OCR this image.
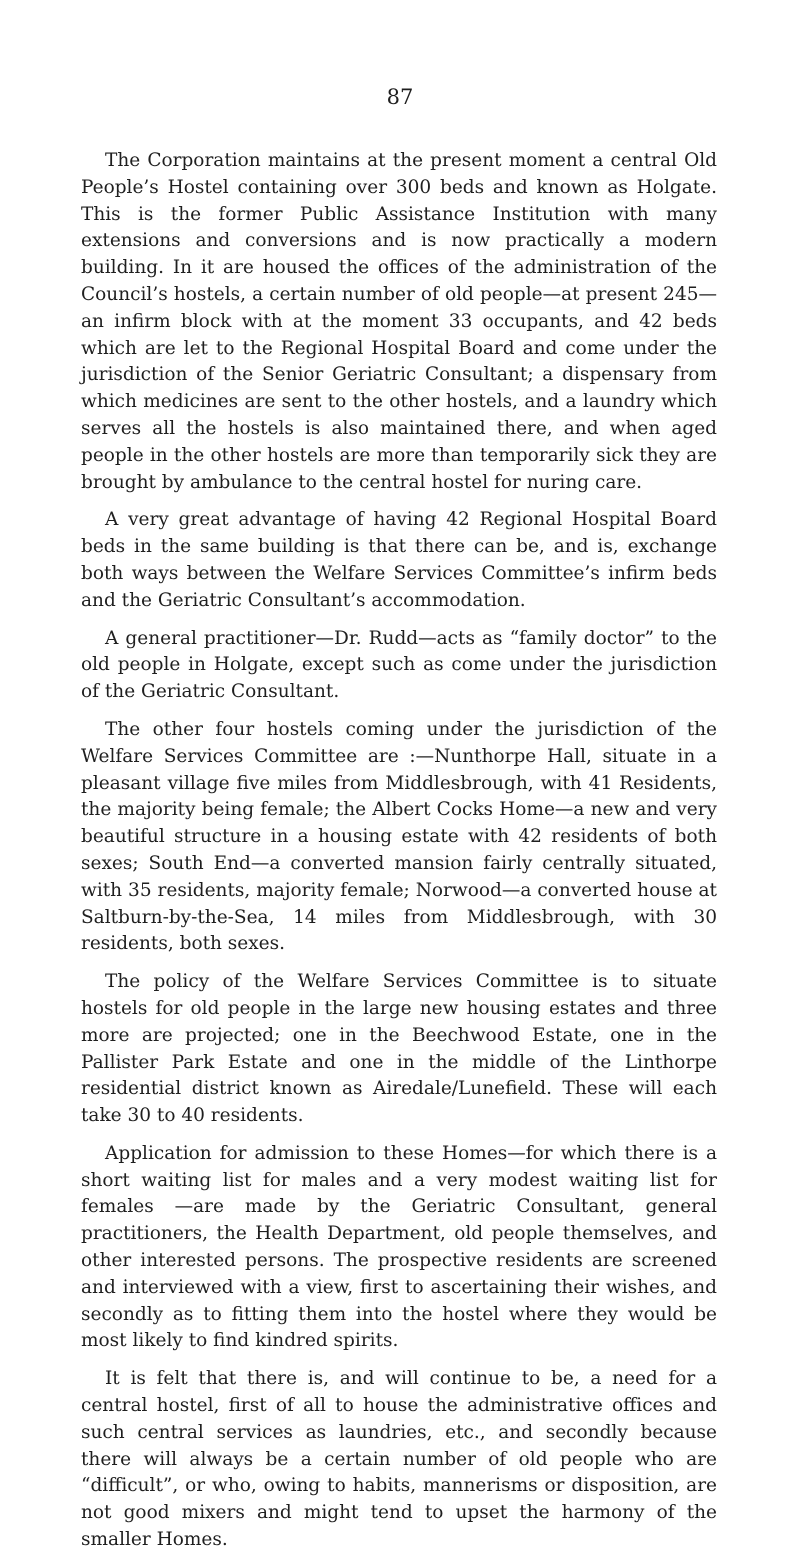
87

The Corporation maintains at the present moment a central Old People’s Hostel containing over 300 beds and known as Holgate. This is the former Public Assistance Institution with many extensions and conversions and is now practically a modern building. In it are housed the offices of the administration of the Council’s hostels, a certain number of old people—at present 245—an infirm block with at the moment 33 occupants, and 42 beds which are let to the Regional Hospital Board and come under the jurisdiction of the Senior Geriatric Consultant; a dispensary from which medicines are sent to the other hostels, and a laundry which serves all the hostels is also maintained there, and when aged people in the other hostels are more than temporarily sick they are brought by ambulance to the central hostel for nuring care.

A very great advantage of having 42 Regional Hospital Board beds in the same building is that there can be, and is, exchange both ways between the Welfare Services Committee’s infirm beds and the Geriatric Consultant’s accommodation.

A general practitioner—Dr. Rudd—acts as “family doctor” to the old people in Holgate, except such as come under the jurisdiction of the Geriatric Consultant.

The other four hostels coming under the jurisdiction of the Welfare Services Committee are :—Nunthorpe Hall, situate in a pleasant village five miles from Middlesbrough, with 41 Residents, the majority being female; the Albert Cocks Home—a new and very beautiful structure in a housing estate with 42 residents of both sexes; South End—a converted mansion fairly centrally situated, with 35 residents, majority female; Norwood—a converted house at Saltburn-by-the-Sea, 14 miles from Middlesbrough, with 30 residents, both sexes.

The policy of the Welfare Services Committee is to situate hostels for old people in the large new housing estates and three more are projected; one in the Beechwood Estate, one in the Pallister Park Estate and one in the middle of the Linthorpe residential district known as Airedale/Lunefield. These will each take 30 to 40 residents.

Application for admission to these Homes—for which there is a short waiting list for males and a very modest waiting list for females —are made by the Geriatric Consultant, general practitioners, the Health Department, old people themselves, and other interested persons. The prospective residents are screened and interviewed with a view, first to ascertaining their wishes, and secondly as to fitting them into the hostel where they would be most likely to find kindred spirits.

It is felt that there is, and will continue to be, a need for a central hostel, first of all to house the administrative offices and such central services as laundries, etc., and secondly because there will always be a certain number of old people who are “difficult”, or who, owing to habits, mannerisms or disposition, are not good mixers and might tend to upset the harmony of the smaller Homes.
